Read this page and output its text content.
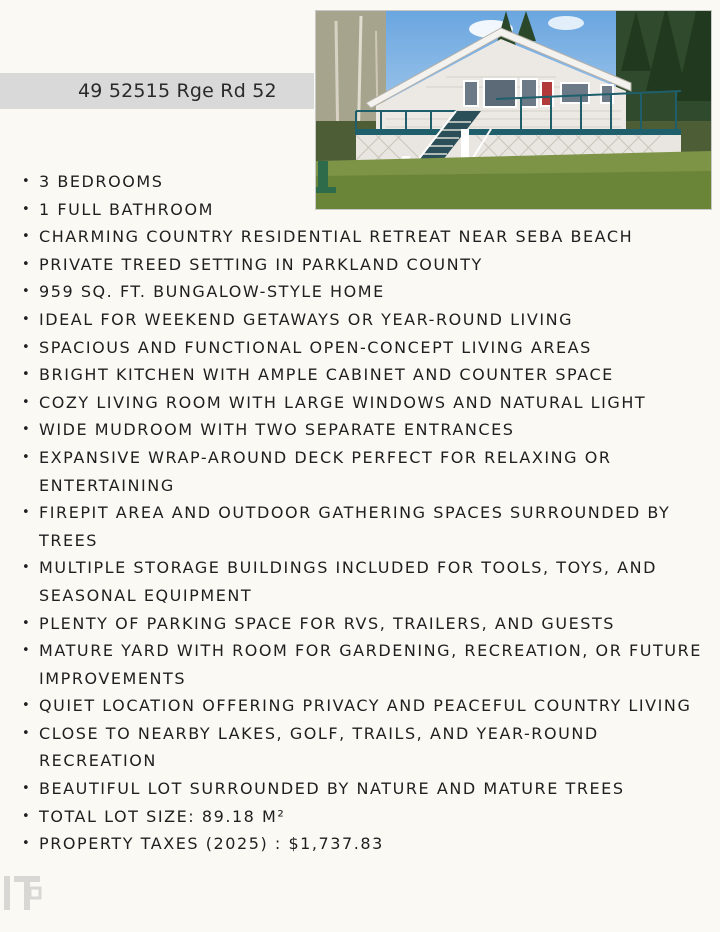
49 52515 Rge Rd 52
• 3 BEDROOMS
• 1 FULL BATHROOM
• CHARMING COUNTRY RESIDENTIAL RETREAT NEAR SEBA BEACH
• PRIVATE TREED SETTING IN PARKLAND COUNTY
• 959 SQ. FT. BUNGALOW-STYLE HOME
• IDEAL FOR WEEKEND GETAWAYS OR YEAR-ROUND LIVING
• SPACIOUS AND FUNCTIONAL OPEN-CONCEPT LIVING AREAS
• BRIGHT KITCHEN WITH AMPLE CABINET AND COUNTER SPACE
• COZY LIVING ROOM WITH LARGE WINDOWS AND NATURAL LIGHT
• WIDE MUDROOM WITH TWO SEPARATE ENTRANCES
• EXPANSIVE WRAP-AROUND DECK PERFECT FOR RELAXING OR ENTERTAINING
• FIREPIT AREA AND OUTDOOR GATHERING SPACES SURROUNDED BY TREES
• MULTIPLE STORAGE BUILDINGS INCLUDED FOR TOOLS, TOYS, AND SEASONAL EQUIPMENT
• PLENTY OF PARKING SPACE FOR RVS, TRAILERS, AND GUESTS
• MATURE YARD WITH ROOM FOR GARDENING, RECREATION, OR FUTURE IMPROVEMENTS
• QUIET LOCATION OFFERING PRIVACY AND PEACEFUL COUNTRY LIVING
• CLOSE TO NEARBY LAKES, GOLF, TRAILS, AND YEAR-ROUND RECREATION
• BEAUTIFUL LOT SURROUNDED BY NATURE AND MATURE TREES
• TOTAL LOT SIZE: 89.18 M²
• PROPERTY TAXES (2025) : $1,737.83
